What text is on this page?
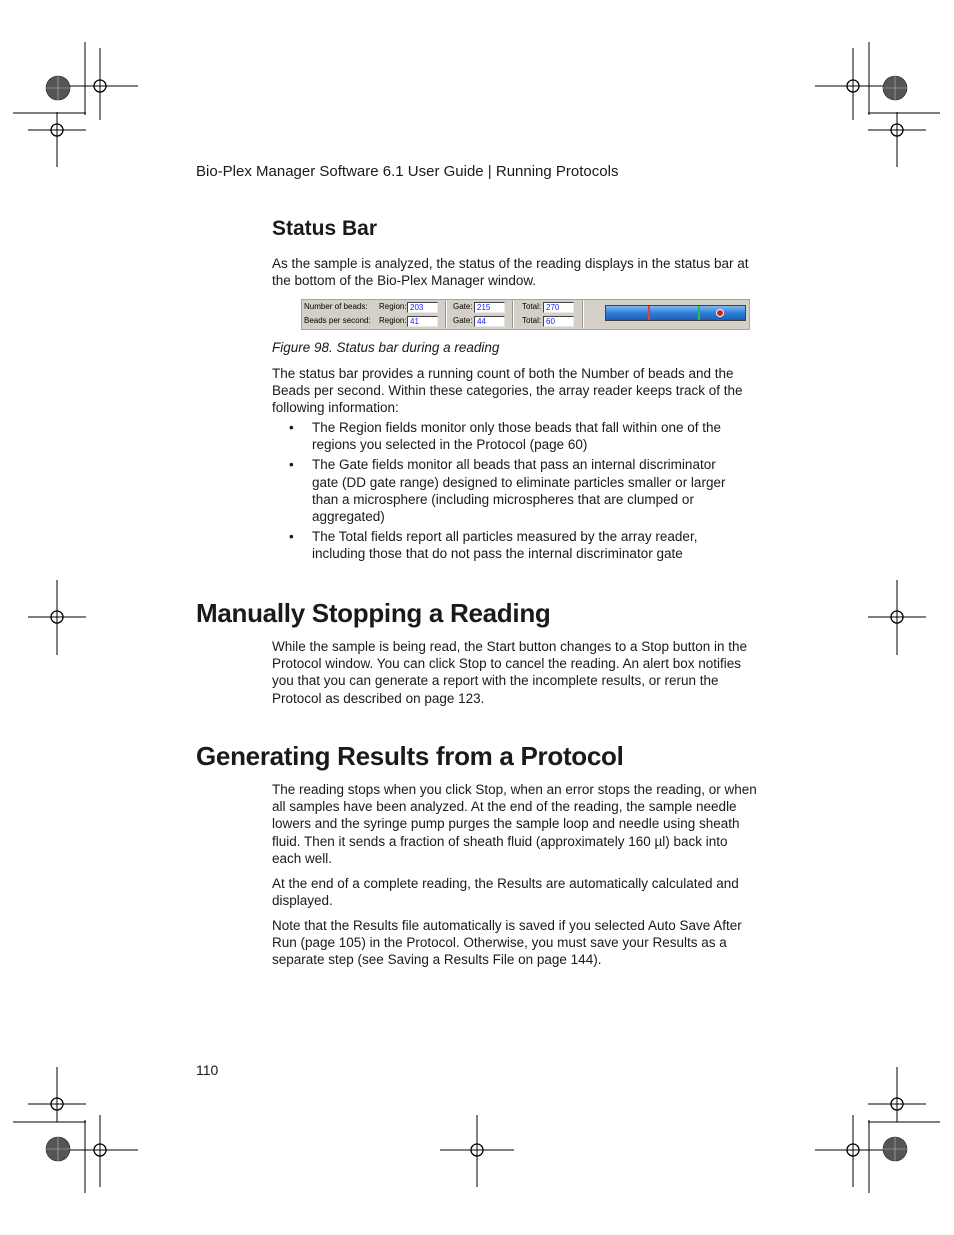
Bio-Plex Manager Software 6.1 User Guide | Running Protocols
Status Bar

As the sample is analyzed, the status of the reading displays in the status bar at the bottom of the Bio-Plex Manager window.

Number of beads:
Beads per second:
Region: 203
Region: 41
Gate: 215
Gate: 44
Total: 270
Total: 60
Figure 98. Status bar during a reading

The status bar provides a running count of both the Number of beads and the Beads per second. Within these categories, the array reader keeps track of the following information:

• The Region fields monitor only those beads that fall within one of the regions you selected in the Protocol (page 60)
• The Gate fields monitor all beads that pass an internal discriminator gate (DD gate range) designed to eliminate particles smaller or larger than a microsphere (including microspheres that are clumped or aggregated)
• The Total fields report all particles measured by the array reader, including those that do not pass the internal discriminator gate
Manually Stopping a Reading

While the sample is being read, the Start button changes to a Stop button in the Protocol window. You can click Stop to cancel the reading. An alert box notifies you that you can generate a report with the incomplete results, or rerun the Protocol as described on page 123.

Generating Results from a Protocol

The reading stops when you click Stop, when an error stops the reading, or when all samples have been analyzed. At the end of the reading, the sample needle lowers and the syringe pump purges the sample loop and needle using sheath fluid. Then it sends a fraction of sheath fluid (approximately 160 µl) back into each well.

At the end of a complete reading, the Results are automatically calculated and displayed.

Note that the Results file automatically is saved if you selected Auto Save After Run (page 105) in the Protocol. Otherwise, you must save your Results as a separate step (see Saving a Results File on page 144).

110
